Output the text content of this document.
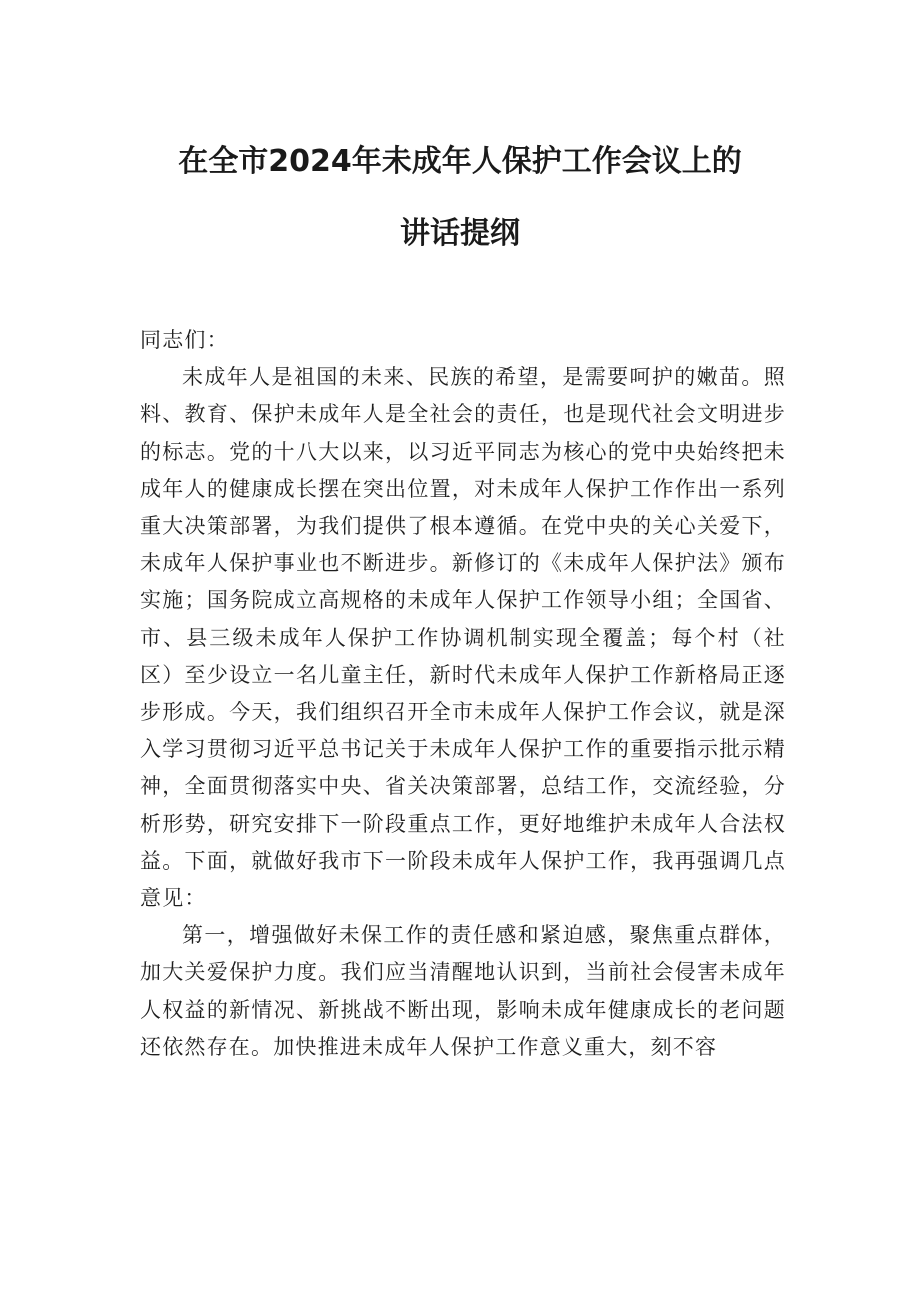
在全市2024年未成年人保护工作会议上的
讲话提纲

同志们：

未成年人是祖国的未来、民族的希望，是需要呵护的嫩苗。照料、教育、保护未成年人是全社会的责任，也是现代社会文明进步的标志。党的十八大以来，以习近平同志为核心的党中央始终把未成年人的健康成长摆在突出位置，对未成年人保护工作作出一系列重大决策部署，为我们提供了根本遵循。在党中央的关心关爱下，未成年人保护事业也不断进步。新修订的《未成年人保护法》颁布实施；国务院成立高规格的未成年人保护工作领导小组；全国省、市、县三级未成年人保护工作协调机制实现全覆盖；每个村（社区）至少设立一名儿童主任，新时代未成年人保护工作新格局正逐步形成。今天，我们组织召开全市未成年人保护工作会议，就是深入学习贯彻习近平总书记关于未成年人保护工作的重要指示批示精神，全面贯彻落实中央、省关决策部署，总结工作，交流经验，分析形势，研究安排下一阶段重点工作，更好地维护未成年人合法权益。下面，就做好我市下一阶段未成年人保护工作，我再强调几点意见：

第一，增强做好未保工作的责任感和紧迫感，聚焦重点群体，加大关爱保护力度。我们应当清醒地认识到，当前社会侵害未成年人权益的新情况、新挑战不断出现，影响未成年健康成长的老问题还依然存在。加快推进未成年人保护工作意义重大，刻不容
